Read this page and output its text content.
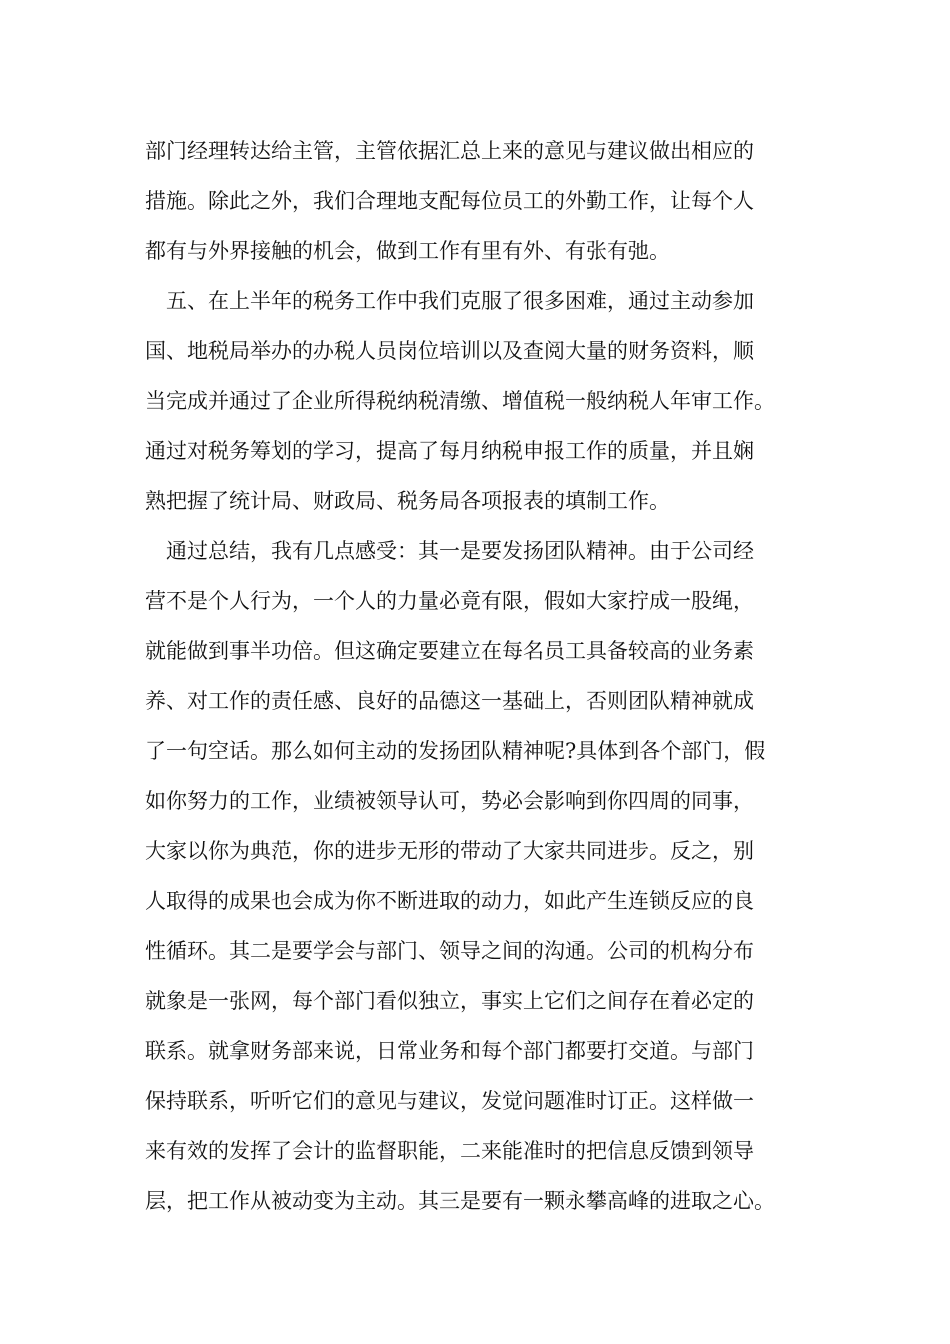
部门经理转达给主管，主管依据汇总上来的意见与建议做出相应的

措施。除此之外，我们合理地支配每位员工的外勤工作，让每个人

都有与外界接触的机会，做到工作有里有外、有张有弛。

五、在上半年的税务工作中我们克服了很多困难，通过主动参加

国、地税局举办的办税人员岗位培训以及查阅大量的财务资料，顺

当完成并通过了企业所得税纳税清缴、增值税一般纳税人年审工作。

通过对税务筹划的学习，提高了每月纳税申报工作的质量，并且娴

熟把握了统计局、财政局、税务局各项报表的填制工作。

通过总结，我有几点感受：其一是要发扬团队精神。由于公司经

营不是个人行为，一个人的力量必竟有限，假如大家拧成一股绳，

就能做到事半功倍。但这确定要建立在每名员工具备较高的业务素

养、对工作的责任感、良好的品德这一基础上，否则团队精神就成

了一句空话。那么如何主动的发扬团队精神呢?具体到各个部门，假

如你努力的工作，业绩被领导认可，势必会影响到你四周的同事，

大家以你为典范，你的进步无形的带动了大家共同进步。反之，别

人取得的成果也会成为你不断进取的动力，如此产生连锁反应的良

性循环。其二是要学会与部门、领导之间的沟通。公司的机构分布

就象是一张网，每个部门看似独立，事实上它们之间存在着必定的

联系。就拿财务部来说，日常业务和每个部门都要打交道。与部门

保持联系，听听它们的意见与建议，发觉问题准时订正。这样做一

来有效的发挥了会计的监督职能，二来能准时的把信息反馈到领导

层，把工作从被动变为主动。其三是要有一颗永攀高峰的进取之心。
